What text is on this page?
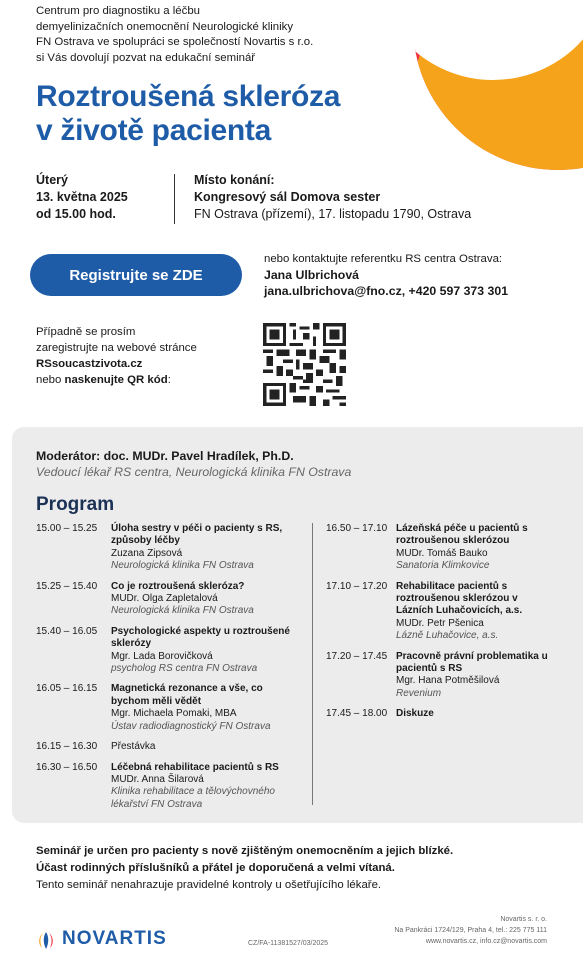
Centrum pro diagnostiku a léčbu
demyelinizačních onemocnění Neurologické kliniky
FN Ostrava ve spolupráci se společností Novartis s r.o.
si Vás dovolují pozvat na edukační seminář
Roztroušená skleróza
v životě pacienta
Úterý
13. května 2025
od 15.00 hod.
Místo konání:
Kongresový sál Domova sester
FN Ostrava (přízemí), 17. listopadu 1790, Ostrava
Registrujte se ZDE
nebo kontaktujte referentku RS centra Ostrava:
Jana Ulbrichová
jana.ulbrichova@fno.cz, +420 597 373 301
Případně se prosím
zaregistrujte na webové stránce
RSsoucastzivota.cz
nebo naskenujte QR kód:
Moderátor: doc. MUDr. Pavel Hradílek, Ph.D.
Vedoucí lékař RS centra, Neurologická klinika FN Ostrava
Program
15.00 – 15.25	Úloha sestry v péči o pacienty s RS, způsoby léčby
Zuzana Zipsová
Neurologická klinika FN Ostrava
15.25 – 15.40	Co je roztroušená skleróza?
MUDr. Olga Zapletalová
Neurologická klinika FN Ostrava
15.40 – 16.05	Psychologické aspekty u roztroušené sklerózy
Mgr. Lada Borovičková
psycholog RS centra FN Ostrava
16.05 – 16.15	Magnetická rezonance a vše, co bychom měli vědět
Mgr. Michaela Pomaki, MBA
Ústav radiodiagnostický FN Ostrava
16.15 – 16.30	Přestávka
16.30 – 16.50	Léčebná rehabilitace pacientů s RS
MUDr. Anna Šilarová
Klinika rehabilitace a tělovýchovného lékařství FN Ostrava
16.50 – 17.10 Lázeňská péče u pacientů s roztroušenou sklerózou
MUDr. Tomáš Bauko
Sanatoria Klimkovice
17.10 – 17.20 Rehabilitace pacientů s roztroušenou sklerózou v Lázních Luhačovicích, a.s.
MUDr. Petr Pšenica
Lázně Luhačovice, a.s.
17.20 – 17.45 Pracovně právní problematika u pacientů s RS
Mgr. Hana Potměšilová
Revenium
17.45 – 18.00 Diskuze
Seminář je určen pro pacienty s nově zjištěným onemocněním a jejich blízké.
Účast rodinných příslušníků a přátel je doporučená a velmi vítaná.
Tento seminář nenahrazuje pravidelné kontroly u ošetřujícího lékaře.
NOVARTIS	CZ/FA-11381527/03/2025
Novartis s. r. o.
Na Pankráci 1724/129, Praha 4, tel.: 225 775 111
www.novartis.cz, info.cz@novartis.com
